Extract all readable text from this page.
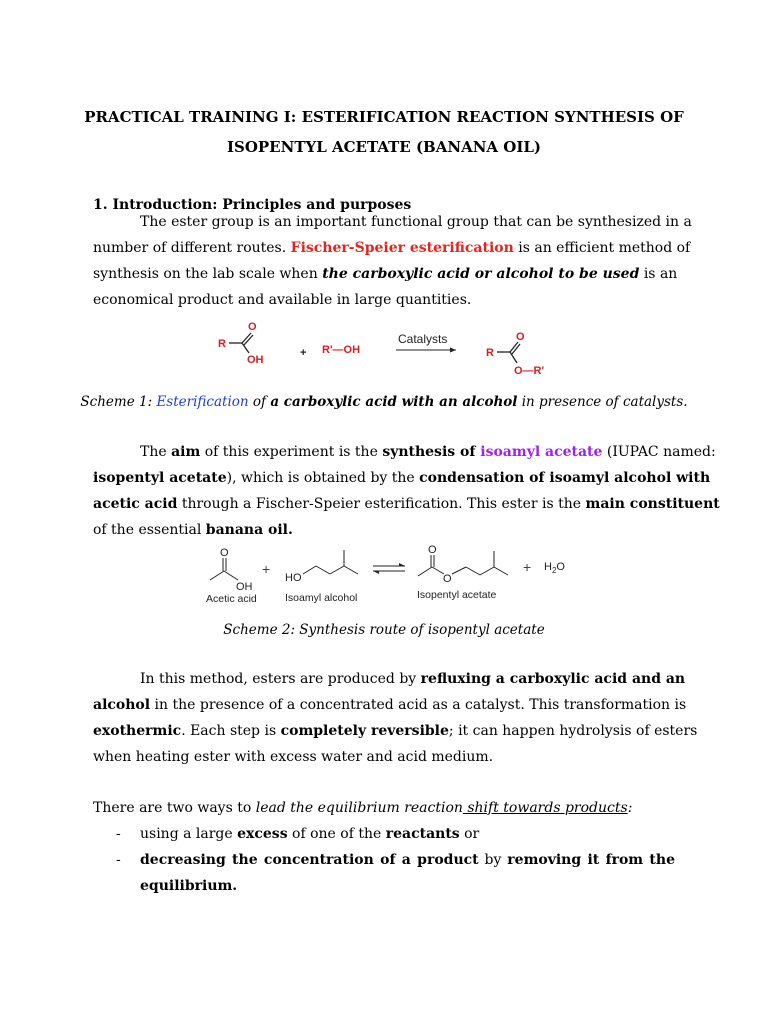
PRACTICAL TRAINING I: ESTERIFICATION REACTION SYNTHESIS OF
ISOPENTYL ACETATE (BANANA OIL)
1. Introduction: Principles and purposes
The ester group is an important functional group that can be synthesized in a
number of different routes. Fischer-Speier esterification is an efficient method of
synthesis on the lab scale when the carboxylic acid or alcohol to be used is an
economical product and available in large quantities.
R
O
OH
+ R'—OH
Catalysts
R
O
O—R'
Scheme 1: Esterification of a carboxylic acid with an alcohol in presence of catalysts.
The aim of this experiment is the synthesis of isoamyl acetate (IUPAC named:
isopentyl acetate), which is obtained by the condensation of isoamyl alcohol with
acetic acid through a Fischer-Speier esterification. This ester is the main constituent
of the essential banana oil.
O
OH
+
HO
O
O
+ $H_2O$
Acetic acid	Isoamyl alcohol	Isopentyl acetate
Scheme 2: Synthesis route of isopentyl acetate
In this method, esters are produced by refluxing a carboxylic acid and an
alcohol in the presence of a concentrated acid as a catalyst. This transformation is
exothermic. Each step is completely reversible; it can happen hydrolysis of esters
when heating ester with excess water and acid medium.
There are two ways to lead the equilibrium reaction shift towards products:
-	using a large excess of one of the reactants or
-	decreasing the concentration of a product by removing it from the
equilibrium.
